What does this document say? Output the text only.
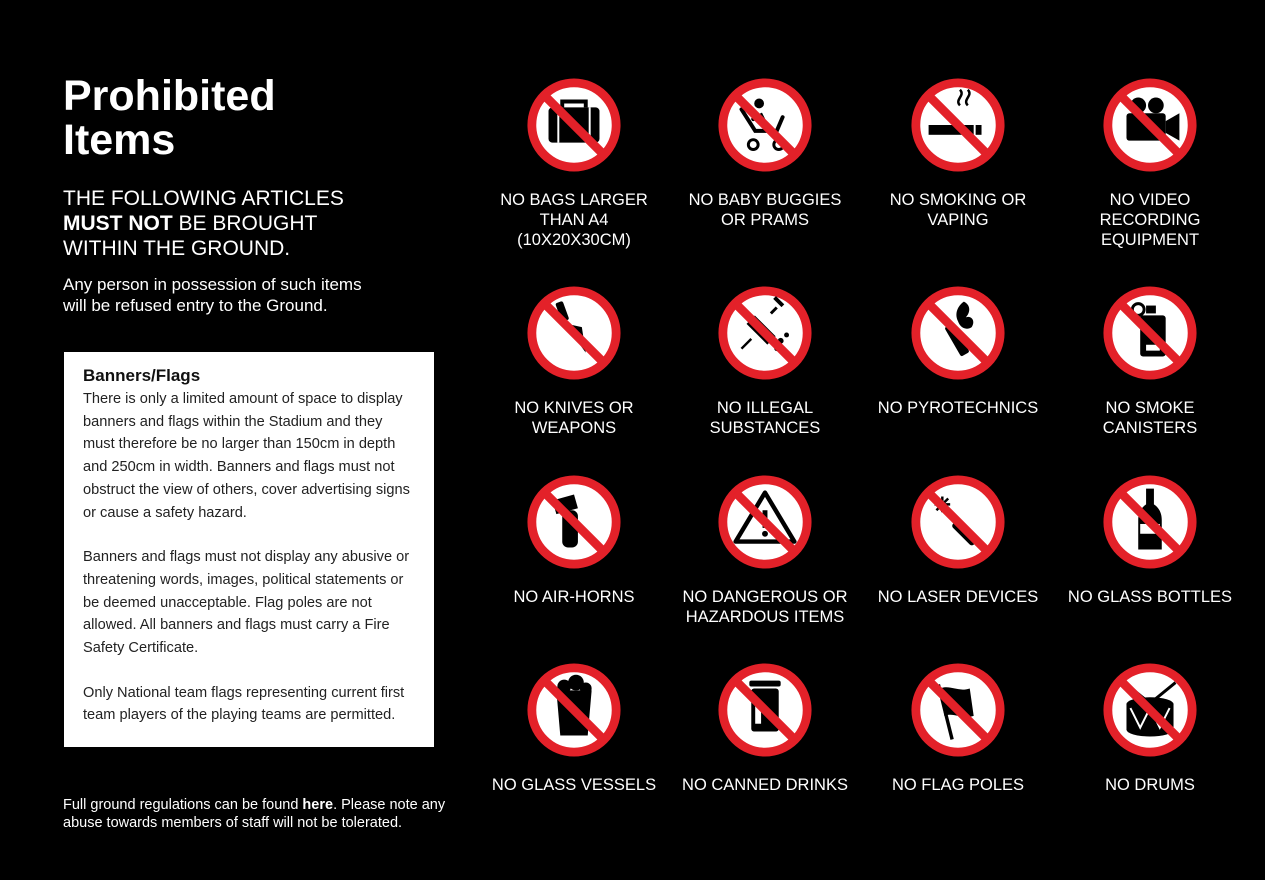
Prohibited
Items

THE FOLLOWING ARTICLES
MUST NOT BE BROUGHT
WITHIN THE GROUND.

Any person in possession of such items
will be refused entry to the Ground.

Banners/Flags

There is only a limited amount of space to display banners and flags within the Stadium and they must therefore be no larger than 150cm in depth and 250cm in width. Banners and flags must not obstruct the view of others, cover advertising signs or cause a safety hazard.

Banners and flags must not display any abusive or threatening words, images, political statements or be deemed unacceptable. Flag poles are not allowed. All banners and flags must carry a Fire Safety Certificate.

Only National team flags representing current first team players of the playing teams are permitted.

Full ground regulations can be found here. Please note any abuse towards members of staff will not be tolerated.

NO BAGS LARGER THAN A4 (10X20X30CM)
NO BABY BUGGIES OR PRAMS
NO SMOKING OR VAPING
NO VIDEO RECORDING EQUIPMENT
NO KNIVES OR WEAPONS
NO ILLEGAL SUBSTANCES
NO PYROTECHNICS	NO SMOKE CANISTERS
NO AIR-HORNS	NO DANGEROUS OR HAZARDOUS ITEMS
NO LASER DEVICES NO GLASS BOTTLES
NO GLASS VESSELS NO CANNED DRINKS	NO FLAG POLES	NO DRUMS
